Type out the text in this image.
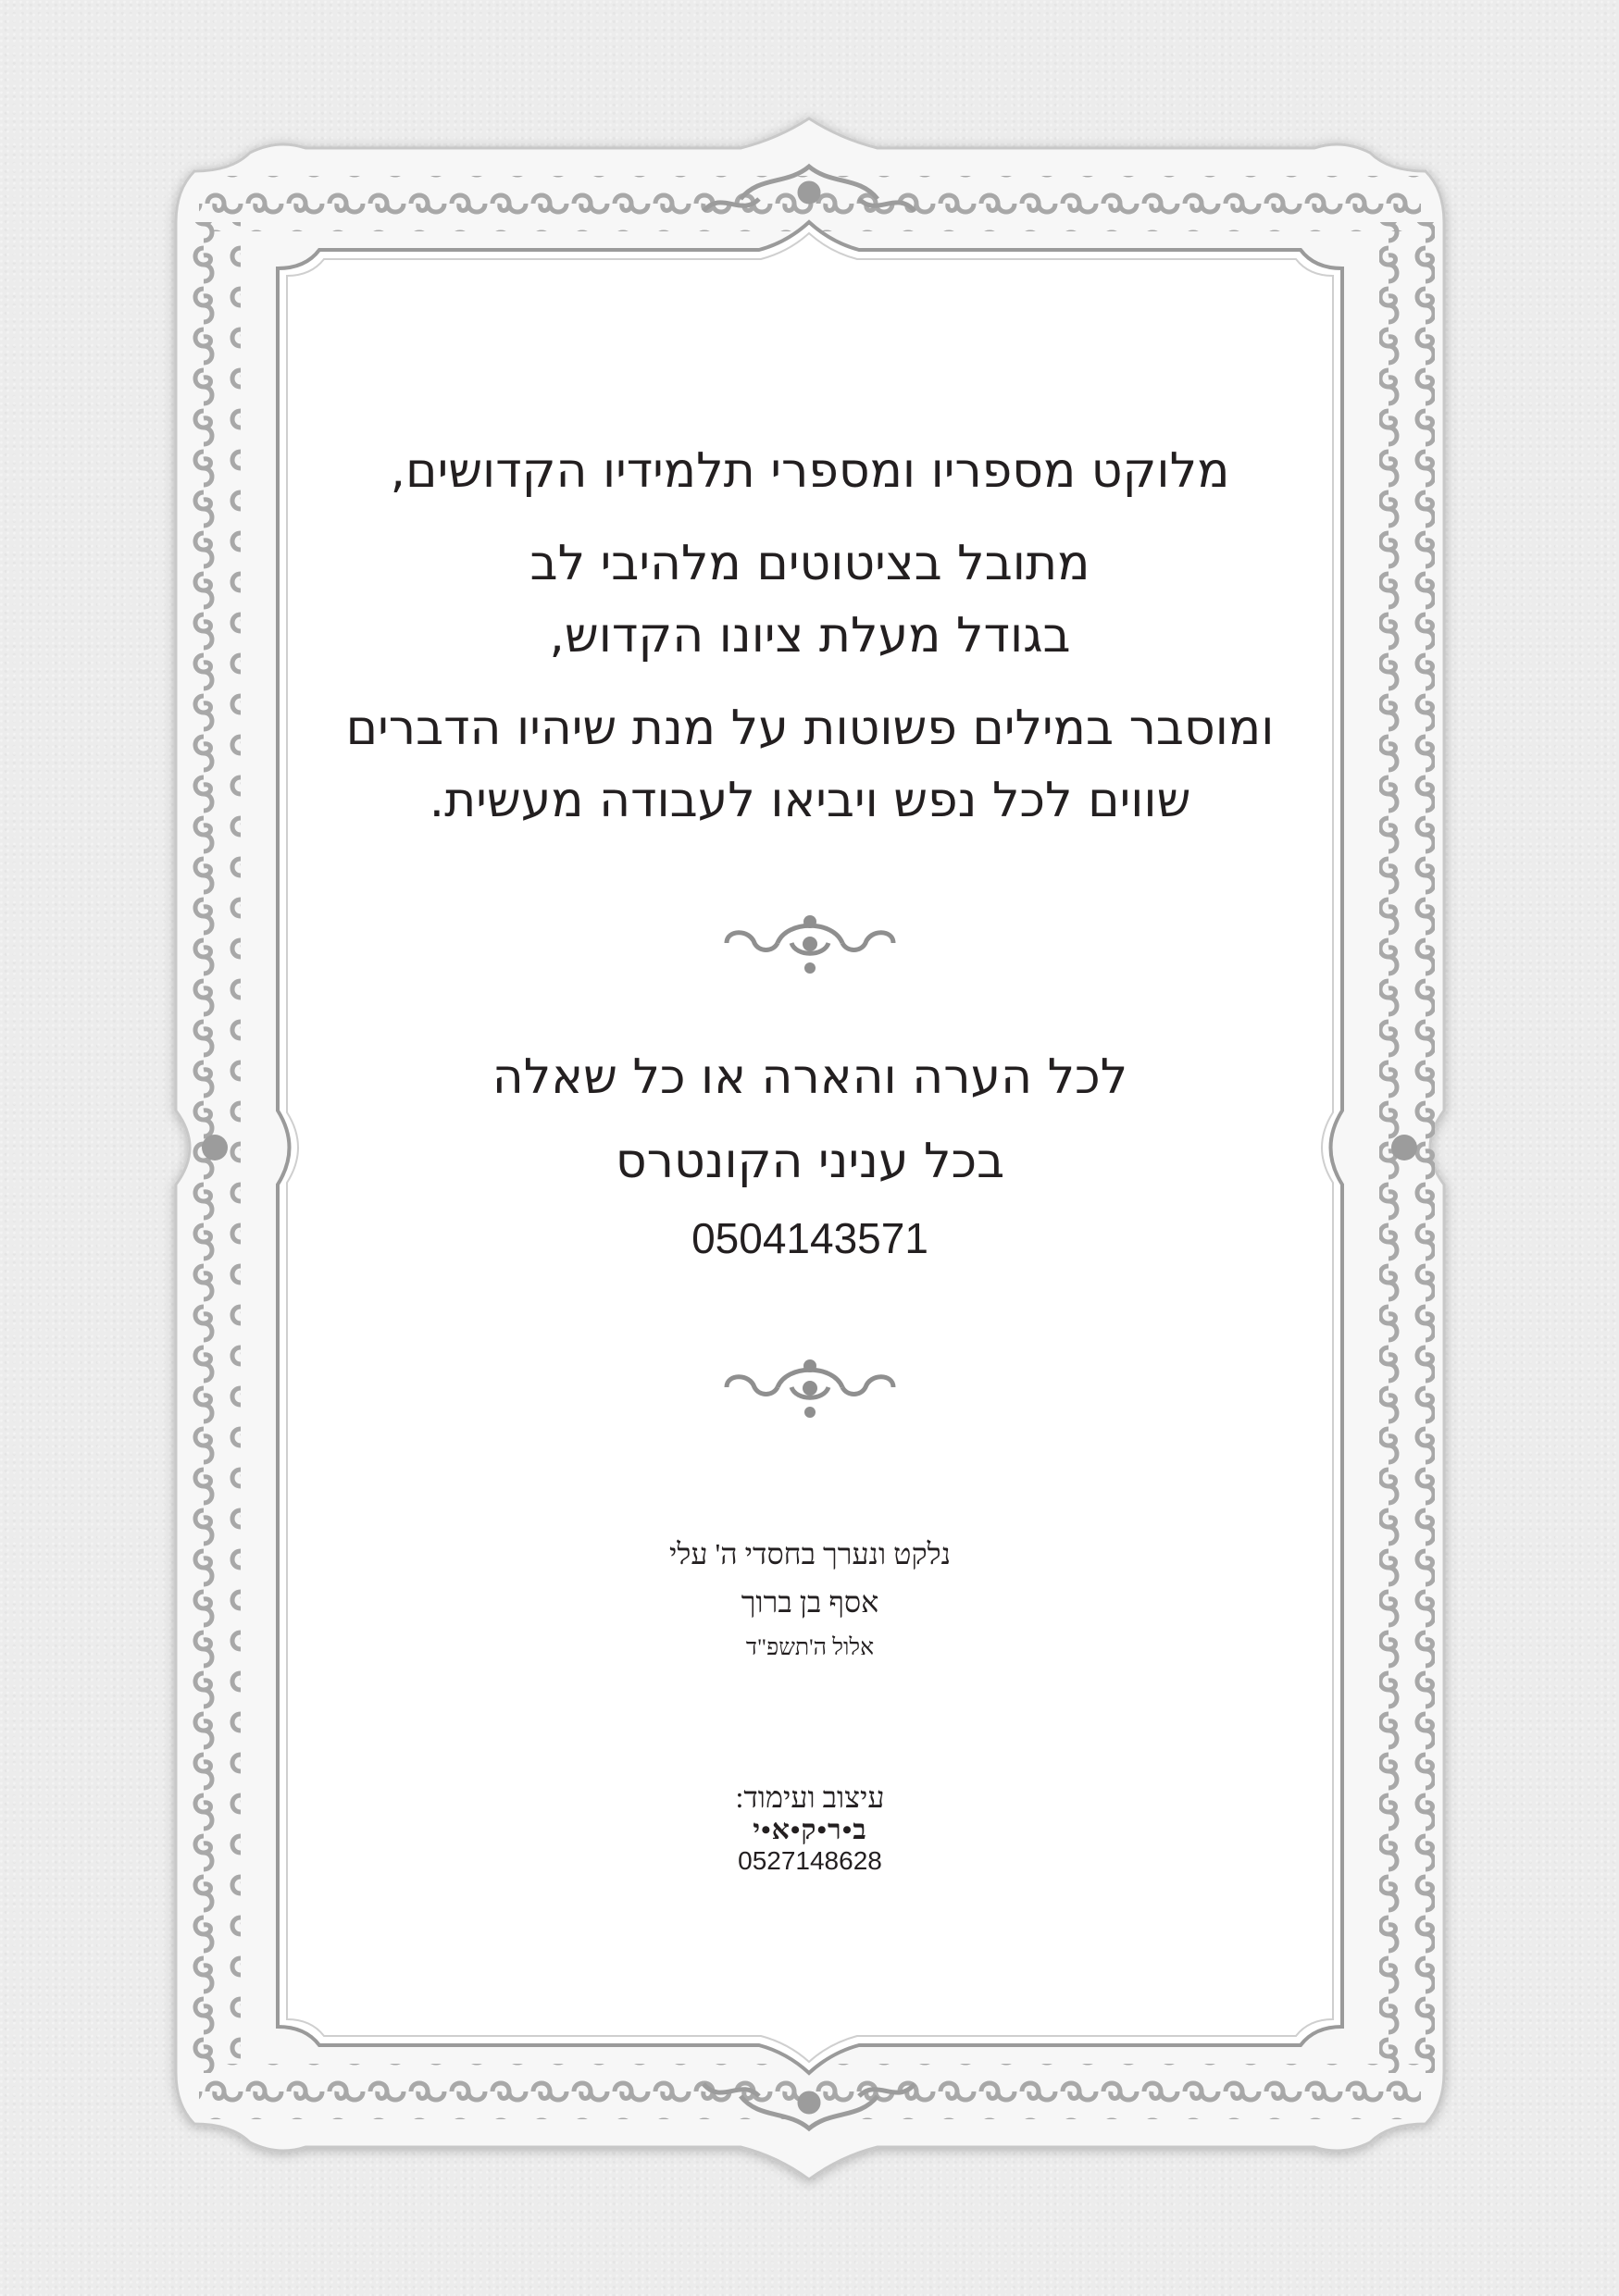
מלוקט מספריו ומספרי תלמידיו הקדושים,
מתובל בציטוטים מלהיבי לב
בגודל מעלת ציונו הקדוש,
ומוסבר במילים פשוטות על מנת שיהיו הדברים
שווים לכל נפש ויביאו לעבודה מעשית.
לכל הערה והארה או כל שאלה
בכל עניני הקונטרס
0504143571
נלקט ונערך בחסדי ה' עלי
אסף בן ברוך
אלול ה'תשפ"ד
עיצוב ועימוד:
ב•ר•ק•א•י
0527148628
